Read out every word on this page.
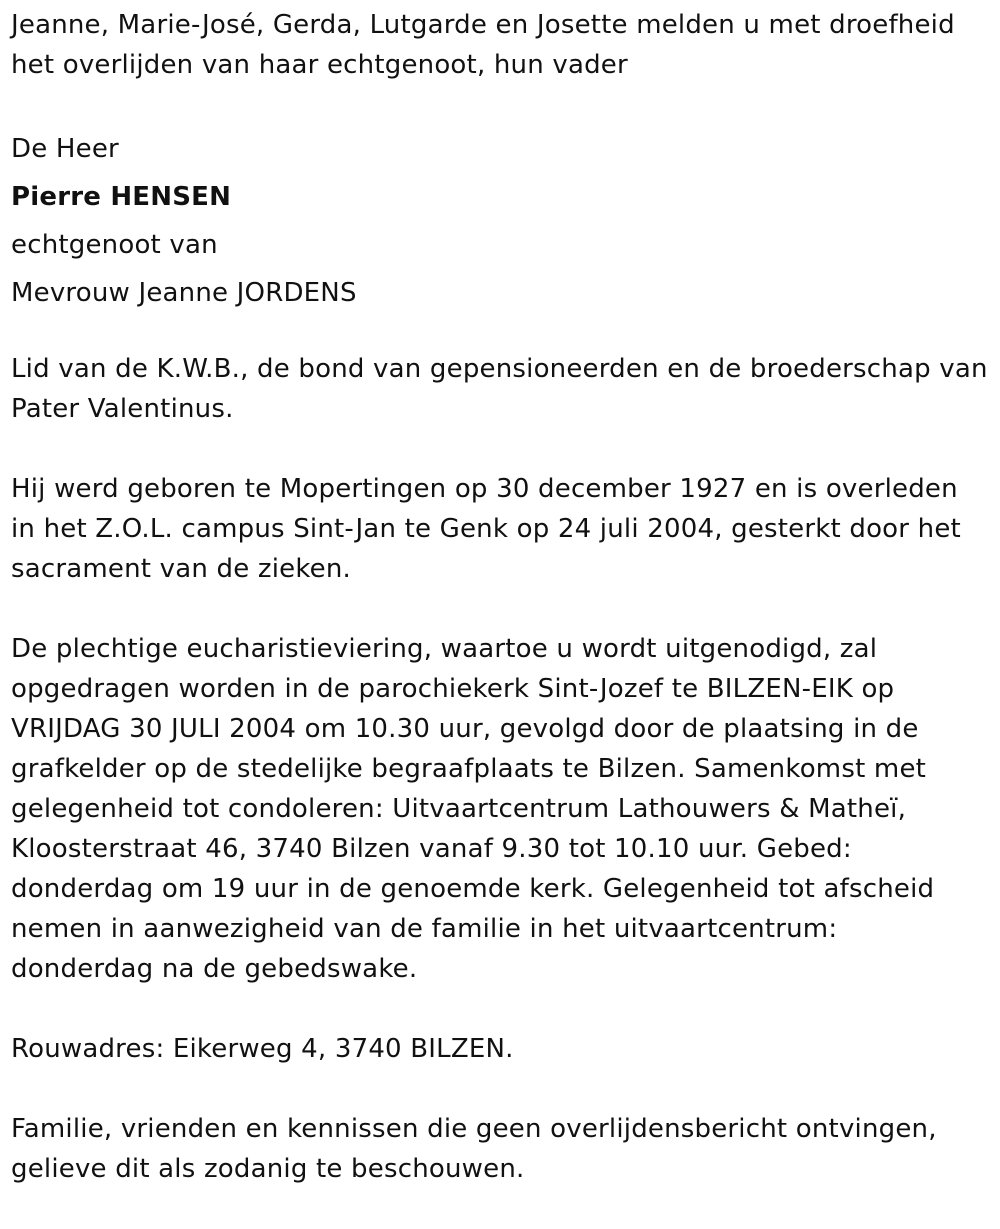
Jeanne, Marie-José, Gerda, Lutgarde en Josette melden u met droefheid
het overlijden van haar echtgenoot, hun vader

De Heer
Pierre HENSEN
echtgenoot van
Mevrouw Jeanne JORDENS

Lid van de K.W.B., de bond van gepensioneerden en de broederschap van
Pater Valentinus.

Hij werd geboren te Mopertingen op 30 december 1927 en is overleden
in het Z.O.L. campus Sint-Jan te Genk op 24 juli 2004, gesterkt door het
sacrament van de zieken.

De plechtige eucharistieviering, waartoe u wordt uitgenodigd, zal
opgedragen worden in de parochiekerk Sint-Jozef te BILZEN-EIK op
VRIJDAG 30 JULI 2004 om 10.30 uur, gevolgd door de plaatsing in de
grafkelder op de stedelijke begraafplaats te Bilzen. Samenkomst met
gelegenheid tot condoleren: Uitvaartcentrum Lathouwers & Matheï,
Kloosterstraat 46, 3740 Bilzen vanaf 9.30 tot 10.10 uur. Gebed:
donderdag om 19 uur in de genoemde kerk. Gelegenheid tot afscheid
nemen in aanwezigheid van de familie in het uitvaartcentrum:
donderdag na de gebedswake.

Rouwadres: Eikerweg 4, 3740 BILZEN.

Familie, vrienden en kennissen die geen overlijdensbericht ontvingen,
gelieve dit als zodanig te beschouwen.
